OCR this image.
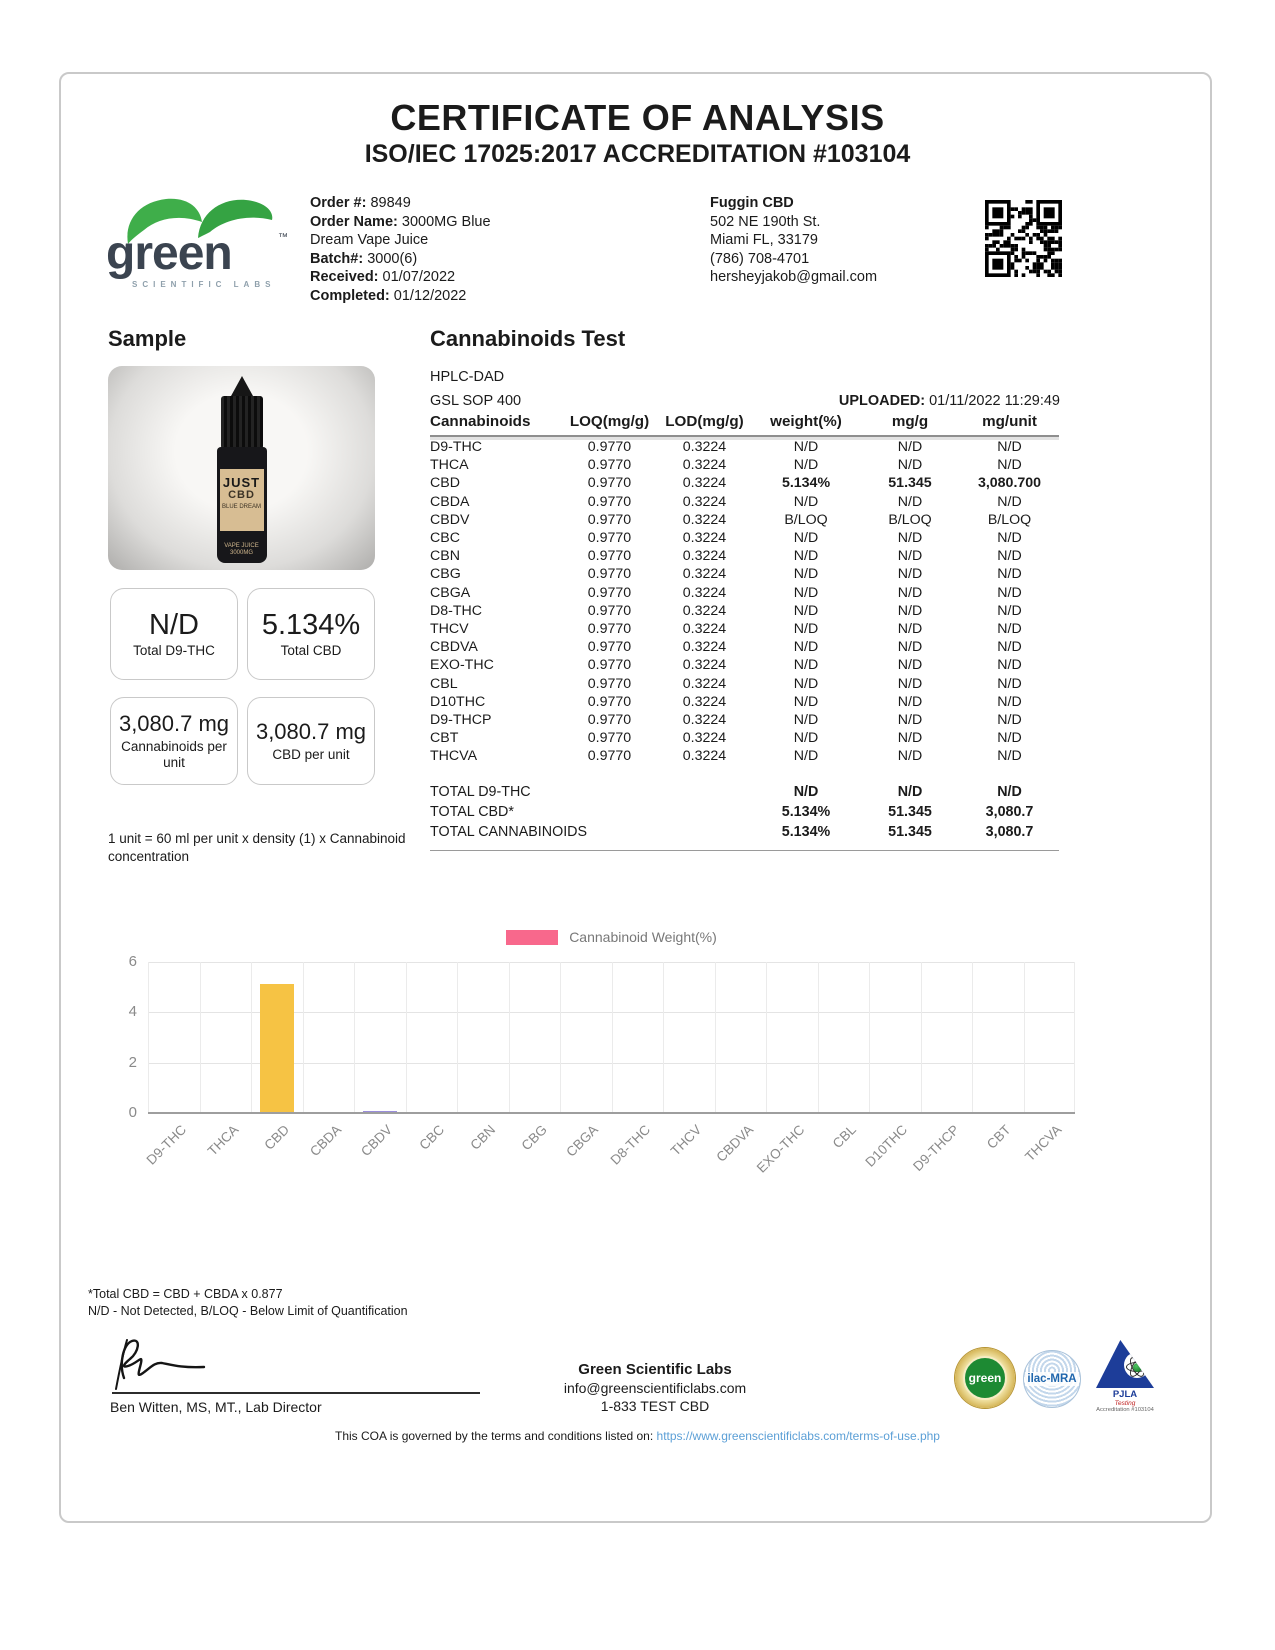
CERTIFICATE OF ANALYSIS
ISO/IEC 17025:2017 ACCREDITATION #103104
green	™
SCIENTIFIC LABS
Order #: 89849
Order Name: 3000MG Blue Dream Vape Juice
Batch#: 3000(6)
Received: 01/07/2022
Completed: 01/12/2022
Fuggin CBD
502 NE 190th St.
Miami FL, 33179
(786) 708-4701
hersheyjakob@gmail.com
Sample
JUST
CBD
BLUE DREAM
VAPE JUICE
3000MG
N/D
Total D9-THC
5.134%
Total CBD
3,080.7 mg
Cannabinoids per unit
3,080.7 mg
CBD per unit
1 unit = 60 ml per unit x density (1) x Cannabinoid concentration
Cannabinoids Test
HPLC-DAD
GSL SOP 400	UPLOADED: 01/11/2022 11:29:49
Cannabinoids	LOQ(mg/g)	LOD(mg/g)	weight(%)	mg/g	mg/unit
D9-THC	0.9770	0.3224	N/D	N/D	N/D
THCA	0.9770	0.3224	N/D	N/D	N/D
CBD	0.9770	0.3224	5.134%	51.345	3,080.700
CBDA	0.9770	0.3224	N/D	N/D	N/D
CBDV	0.9770	0.3224	B/LOQ	B/LOQ	B/LOQ
CBC	0.9770	0.3224	N/D	N/D	N/D
CBN	0.9770	0.3224	N/D	N/D	N/D
CBG	0.9770	0.3224	N/D	N/D	N/D
CBGA	0.9770	0.3224	N/D	N/D	N/D
D8-THC	0.9770	0.3224	N/D	N/D	N/D
THCV	0.9770	0.3224	N/D	N/D	N/D
CBDVA	0.9770	0.3224	N/D	N/D	N/D
EXO-THC	0.9770	0.3224	N/D	N/D	N/D
CBL	0.9770	0.3224	N/D	N/D	N/D
D10THC	0.9770	0.3224	N/D	N/D	N/D
D9-THCP	0.9770	0.3224	N/D	N/D	N/D
CBT	0.9770	0.3224	N/D	N/D	N/D
THCVA	0.9770	0.3224	N/D	N/D	N/D
TOTAL D9-THC	N/D	N/D	N/D
TOTAL CBD*	5.134%	51.345	3,080.7
TOTAL CANNABINOIDS	5.134%	51.345	3,080.7
Cannabinoid Weight(%)
0
2
4
6
D9-THC THCA CBD CBDA CBDV CBC CBN CBG CBGA D8-THC THCV CBDVA
EXO-THC CBL D10THC D9-THCP CBT THCVA
*Total CBD = CBD + CBDA x 0.877
N/D - Not Detected, B/LOQ - Below Limit of Quantification
Ben Witten, MS, MT., Lab Director
Green Scientific Labs
info@greenscientificlabs.com
1-833 TEST CBD
green ilac-MRA
PJLA
Testing
Accreditation #103104
This COA is governed by the terms and conditions listed on: https://www.greenscientificlabs.com/terms-of-use.php
